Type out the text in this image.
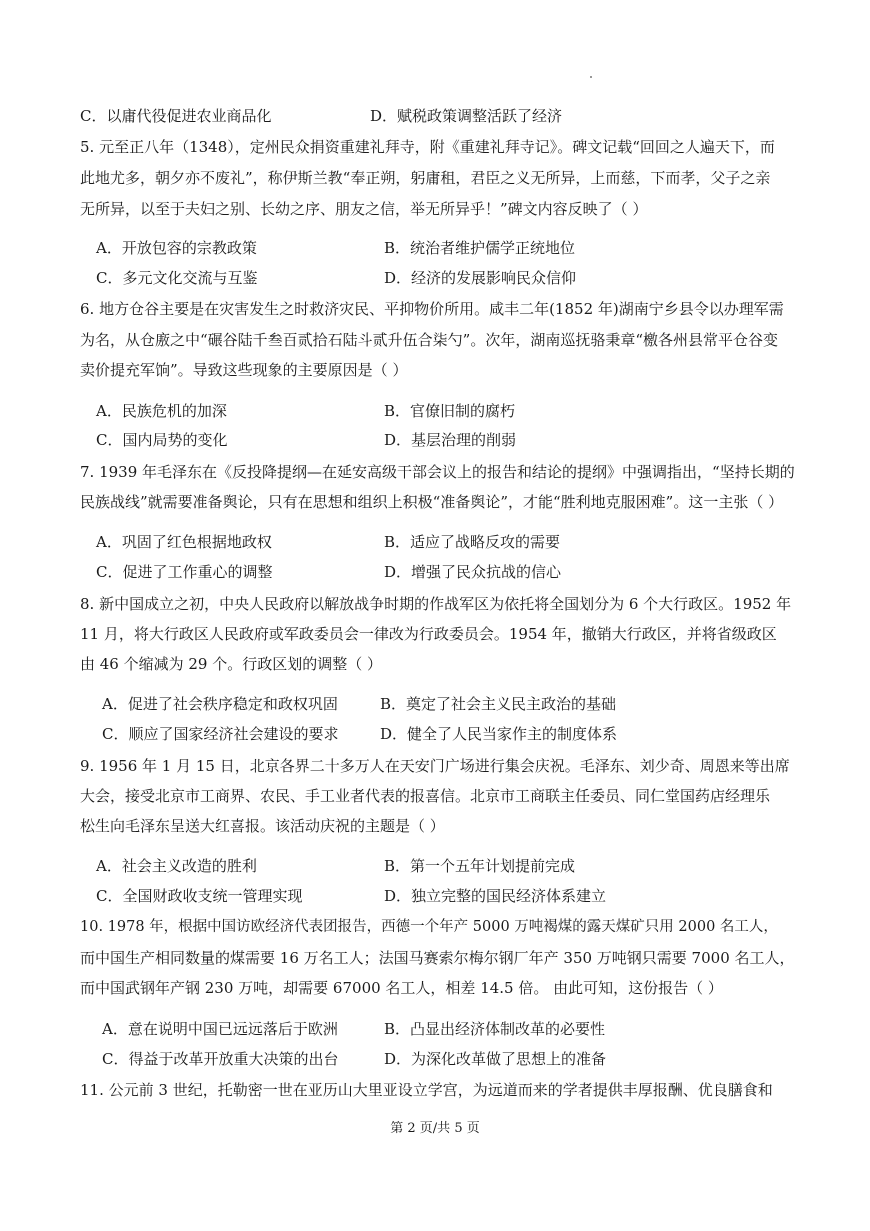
C．以庸代役促进农业商品化	D．赋税政策调整活跃了经济
5. 元至正八年（1348），定州民众捐资重建礼拜寺，附《重建礼拜寺记》。碑文记载“回回之人遍天下，而
此地尤多，朝夕亦不废礼”，称伊斯兰教“奉正朔，躬庸租，君臣之义无所异，上而慈，下而孝，父子之亲
无所异，以至于夫妇之别、长幼之序、朋友之信，举无所异乎！”碑文内容反映了（ ）
A．开放包容的宗教政策	B．统治者维护儒学正统地位
C．多元文化交流与互鉴	D．经济的发展影响民众信仰
6. 地方仓谷主要是在灾害发生之时救济灾民、平抑物价所用。咸丰二年(1852 年)湖南宁乡县令以办理军需
为名，从仓廒之中“碾谷陆千叁百贰拾石陆斗贰升伍合柒勺”。次年，湖南巡抚骆秉章“檄各州县常平仓谷变
卖价提充军饷”。导致这些现象的主要原因是（ ）
A．民族危机的加深	B．官僚旧制的腐朽
C．国内局势的变化	D．基层治理的削弱
7. 1939 年毛泽东在《反投降提纲—在延安高级干部会议上的报告和结论的提纲》中强调指出，“坚持长期的
民族战线”就需要准备舆论，只有在思想和组织上积极“准备舆论”，才能“胜利地克服困难”。这一主张（ ）
A．巩固了红色根据地政权	B．适应了战略反攻的需要
C．促进了工作重心的调整	D．增强了民众抗战的信心
8. 新中国成立之初，中央人民政府以解放战争时期的作战军区为依托将全国划分为 6 个大行政区。1952 年
11 月，将大行政区人民政府或军政委员会一律改为行政委员会。1954 年，撤销大行政区，并将省级政区
由 46 个缩减为 29 个。行政区划的调整（ ）
A．促进了社会秩序稳定和政权巩固	B．奠定了社会主义民主政治的基础
C．顺应了国家经济社会建设的要求	D．健全了人民当家作主的制度体系
9. 1956 年 1 月 15 日，北京各界二十多万人在天安门广场进行集会庆祝。毛泽东、刘少奇、周恩来等出席
大会，接受北京市工商界、农民、手工业者代表的报喜信。北京市工商联主任委员、同仁堂国药店经理乐
松生向毛泽东呈送大红喜报。该活动庆祝的主题是（ ）
A．社会主义改造的胜利	B．第一个五年计划提前完成
C．全国财政收支统一管理实现	D．独立完整的国民经济体系建立
10. 1978 年，根据中国访欧经济代表团报告，西德一个年产 5000 万吨褐煤的露天煤矿只用 2000 名工人，
而中国生产相同数量的煤需要 16 万名工人；法国马赛索尔梅尔钢厂年产 350 万吨钢只需要 7000 名工人，
而中国武钢年产钢 230 万吨，却需要 67000 名工人，相差 14.5 倍。 由此可知，这份报告（ ）
A．意在说明中国已远远落后于欧洲	B．凸显出经济体制改革的必要性
C．得益于改革开放重大决策的出台	D．为深化改革做了思想上的准备
11. 公元前 3 世纪，托勒密一世在亚历山大里亚设立学宫，为远道而来的学者提供丰厚报酬、优良膳食和
第 2 页/共 5 页
